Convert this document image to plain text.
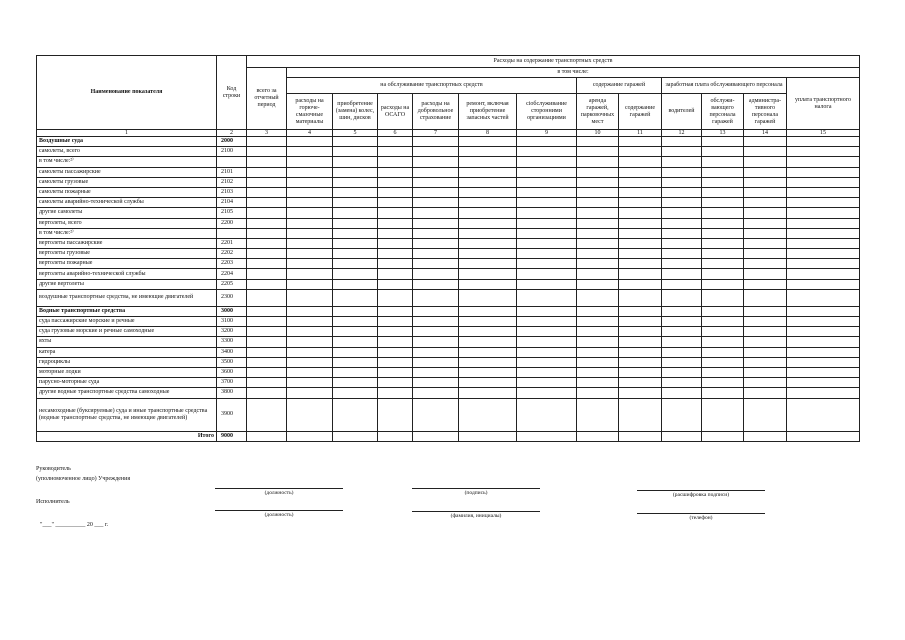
Наименование показателя	Код строки	Расходы на содержание транспортных средств												
		всего за отчетный период	в том числе:											
			на обслуживание транспортных средств						содержание гаражей		заработная плата обслуживающего персонала			уплата транспортного налога
			расходы на горюче-смазочные материалы	приобретение (замена) колес, шин, дисков	расходы на ОСАГО	расходы на добровольное страхование	ремонт, включая приобретение запасных частей	сіобслуживание сторонними организациями	аренда гаражей, парковочных мест	содержание гаражей	водителей	обслужи-вающего персонала гаражей	администра-тивного персонала гаражей	
1	2	3	4	5	6	7	8	9	10	11	12	13	14	15
Воздушные суда	2000													
самолеты, всего	2100													
в том числе:²⁾														
самолеты пассажирские	2101													
самолеты грузовые	2102													
самолеты пожарные	2103													
самолеты аварийно-технической службы	2104													
другие самолеты	2105													
вертолеты, всего	2200													
в том числе:²⁾														
вертолеты пассажирские	2201													
вертолеты грузовые	2202													
вертолеты пожарные	2203													
вертолеты аварийно-технической службы	2204													
другие вертолеты	2205													
воздушные транспортные средства, не имеющие двигателей	2300													
Водные транспортные средства	3000													
суда пассажирские морские и речные	3100													
суда грузовые морские и речные самоходные	3200													
яхты	3300													
катера	3400													
гидроциклы	3500													
моторные лодки	3600													
парусно-моторные суда	3700													
другие водные транспортные средства самоходные	3800													
несамоходные (буксируемые) суда и иные транспортные средства (водные транспортные средства, не имеющие двигателей)	3900													
Итого	9000													
Руководитель
(уполномоченное лицо) Учреждения
(должность)	(подпись)	(расшифровка подписи)
Исполнитель
(должность)	(фамилия, инициалы)	(телефон)
"___" __________ 20 ___ г.
